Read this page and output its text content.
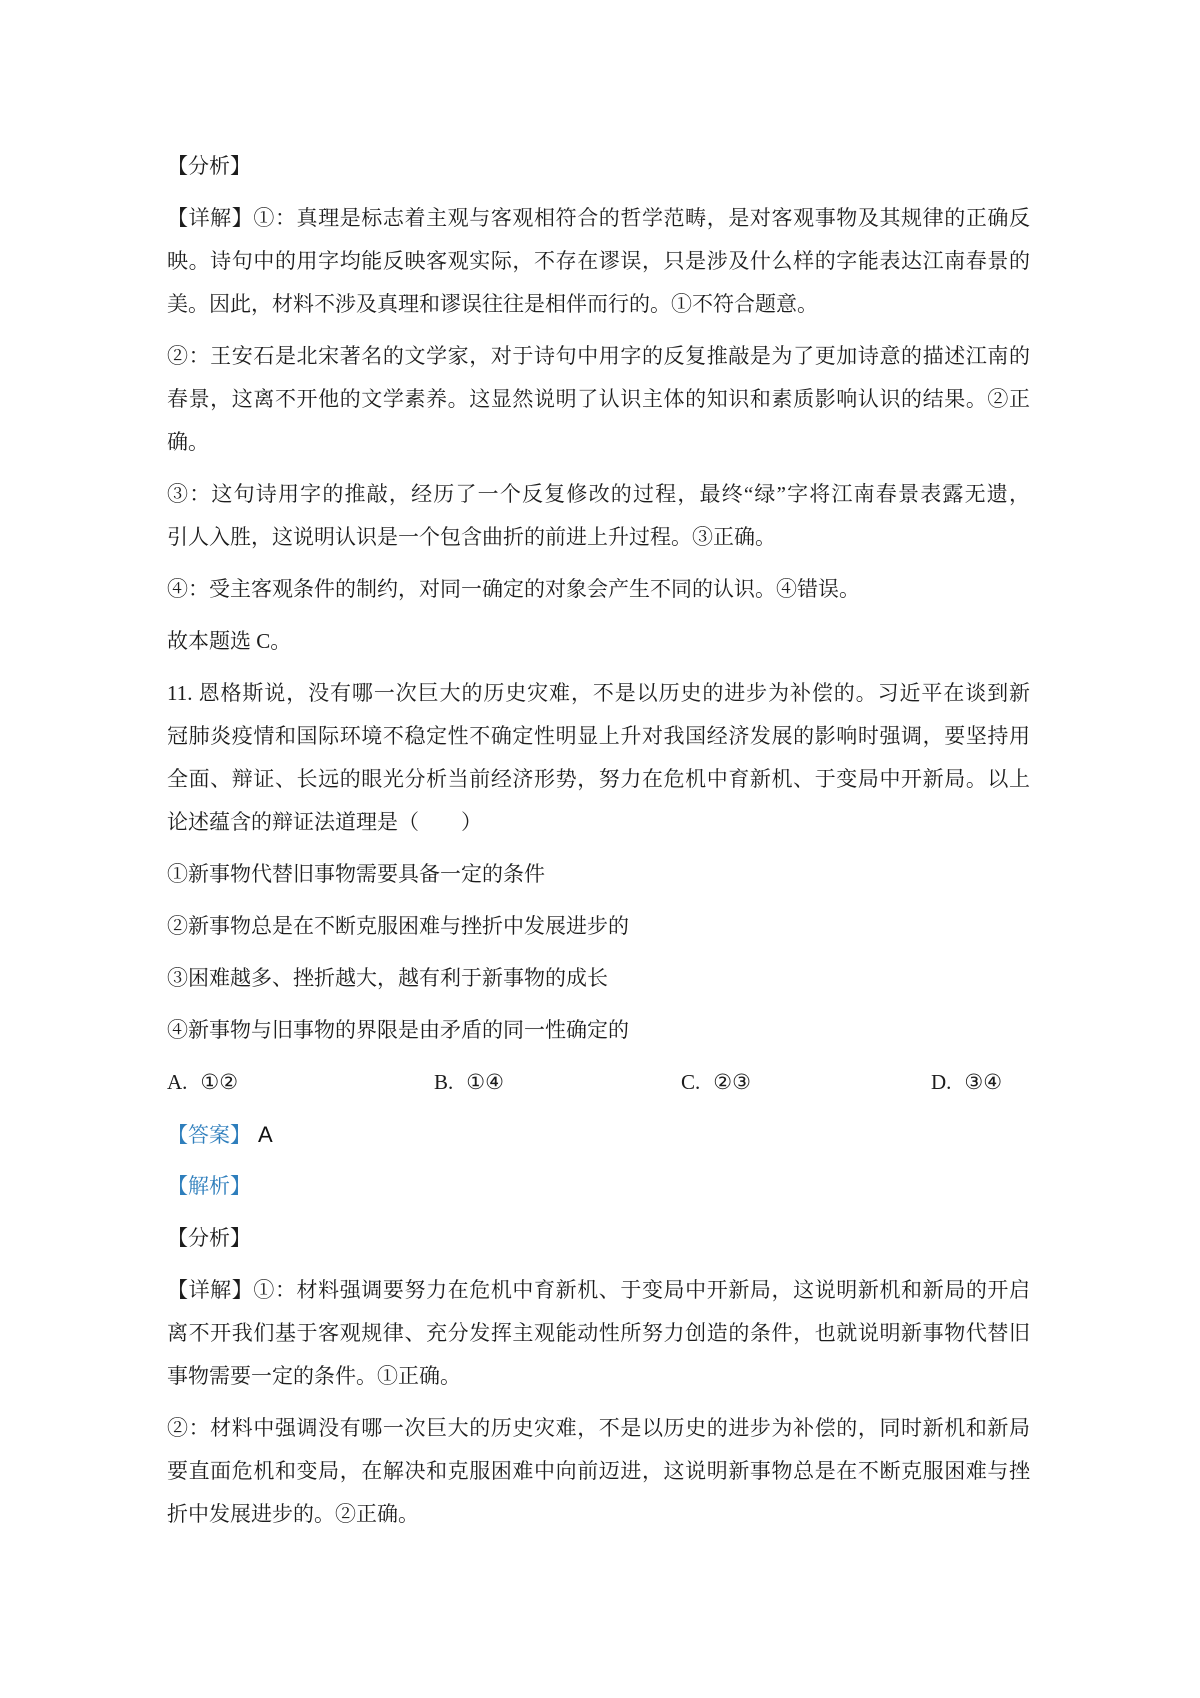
【分析】
【详解】①：真理是标志着主观与客观相符合的哲学范畴，是对客观事物及其规律的正确反
映。诗句中的用字均能反映客观实际，不存在谬误，只是涉及什么样的字能表达江南春景的
美。因此，材料不涉及真理和谬误往往是相伴而行的。①不符合题意。
②：王安石是北宋著名的文学家，对于诗句中用字的反复推敲是为了更加诗意的描述江南的
春景，这离不开他的文学素养。这显然说明了认识主体的知识和素质影响认识的结果。②正
确。
③：这句诗用字的推敲，经历了一个反复修改的过程，最终“绿”字将江南春景表露无遗，
引人入胜，这说明认识是一个包含曲折的前进上升过程。③正确。
④：受主客观条件的制约，对同一确定的对象会产生不同的认识。④错误。
故本题选 C。
11. 恩格斯说，没有哪一次巨大的历史灾难，不是以历史的进步为补偿的。习近平在谈到新
冠肺炎疫情和国际环境不稳定性不确定性明显上升对我国经济发展的影响时强调，要坚持用
全面、辩证、长远的眼光分析当前经济形势，努力在危机中育新机、于变局中开新局。以上
论述蕴含的辩证法道理是（　　）
①新事物代替旧事物需要具备一定的条件
②新事物总是在不断克服困难与挫折中发展进步的
③困难越多、挫折越大，越有利于新事物的成长
④新事物与旧事物的界限是由矛盾的同一性确定的
A. ①②	B. ①④	C. ②③	D. ③④
【答案】 A
【解析】
【分析】
【详解】①：材料强调要努力在危机中育新机、于变局中开新局，这说明新机和新局的开启
离不开我们基于客观规律、充分发挥主观能动性所努力创造的条件，也就说明新事物代替旧
事物需要一定的条件。①正确。
②：材料中强调没有哪一次巨大的历史灾难，不是以历史的进步为补偿的，同时新机和新局
要直面危机和变局，在解决和克服困难中向前迈进，这说明新事物总是在不断克服困难与挫
折中发展进步的。②正确。
